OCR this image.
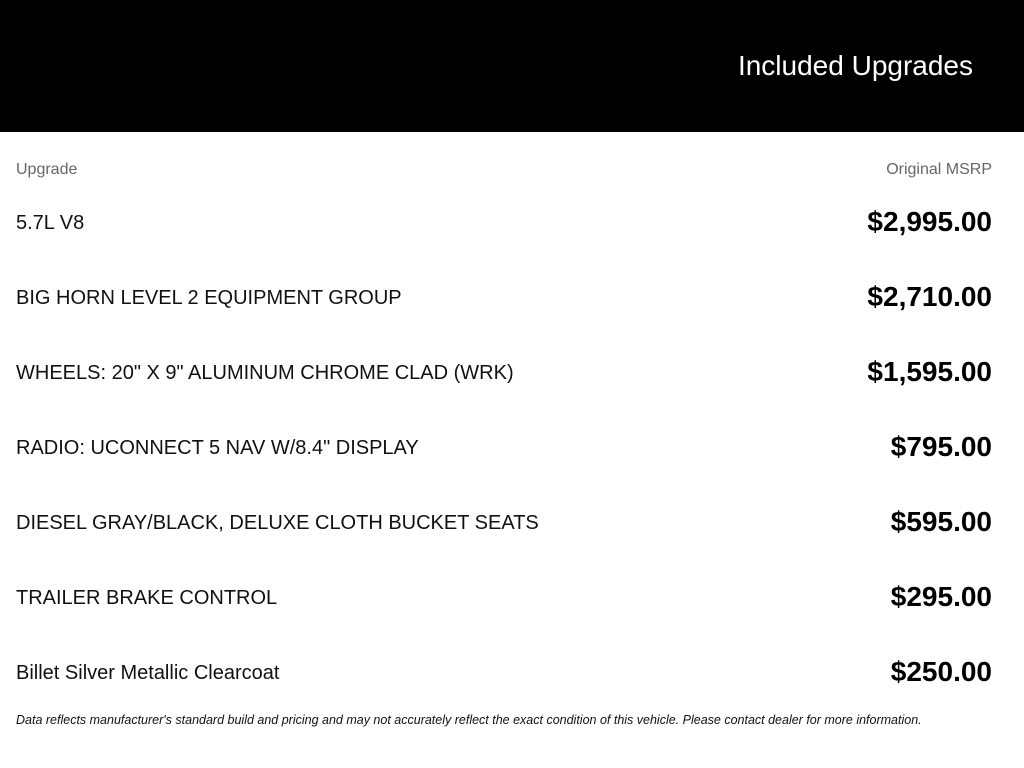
Included Upgrades
Upgrade	Original MSRP
5.7L V8	$2,995.00
BIG HORN LEVEL 2 EQUIPMENT GROUP	$2,710.00
WHEELS: 20" X 9" ALUMINUM CHROME CLAD (WRK)	$1,595.00
RADIO: UCONNECT 5 NAV W/8.4" DISPLAY	$795.00
DIESEL GRAY/BLACK, DELUXE CLOTH BUCKET SEATS	$595.00
TRAILER BRAKE CONTROL	$295.00
Billet Silver Metallic Clearcoat	$250.00
Data reflects manufacturer's standard build and pricing and may not accurately reflect the exact condition of this vehicle. Please contact dealer for more information.
